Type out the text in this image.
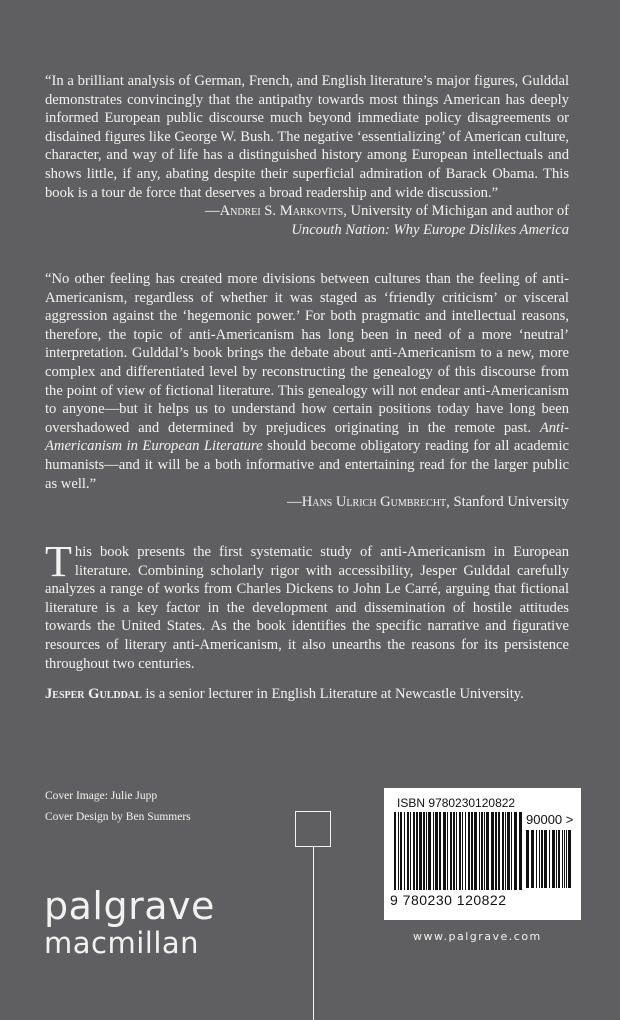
“In a brilliant analysis of German, French, and English literature’s major figures, Gulddal demonstrates convincingly that the antipathy towards most things American has deeply informed European public discourse much beyond immediate policy disagreements or disdained figures like George W. Bush. The negative ‘essentializing’ of American culture, character, and way of life has a distinguished history among European intellectuals and shows little, if any, abating despite their superficial admiration of Barack Obama. This book is a tour de force that deserves a broad readership and wide discussion.”

—Andrei S. Markovits, University of Michigan and author of

Uncouth Nation: Why Europe Dislikes America

“No other feeling has created more divisions between cultures than the feeling of anti-Americanism, regardless of whether it was staged as ‘friendly criticism’ or visceral aggression against the ‘hegemonic power.’ For both pragmatic and intellectual reasons, therefore, the topic of anti-Americanism has long been in need of a more ‘neutral’ interpretation. Gulddal’s book brings the debate about anti-Americanism to a new, more complex and differentiated level by reconstructing the genealogy of this discourse from the point of view of fictional literature. This genealogy will not endear anti-Americanism to anyone—but it helps us to understand how certain positions today have long been overshadowed and determined by prejudices originating in the remote past. Anti-Americanism in European Literature should become obligatory reading for all academic humanists—and it will be a both informative and entertaining read for the larger public as well.”

—Hans Ulrich Gumbrecht, Stanford University

This book presents the first systematic study of anti-Americanism in European literature. Combining scholarly rigor with accessibility, Jesper Gulddal carefully analyzes a range of works from Charles Dickens to John Le Carré, arguing that fictional literature is a key factor in the development and dissemination of hostile attitudes towards the United States. As the book identifies the specific narrative and figurative resources of literary anti-Americanism, it also unearths the reasons for its persistence throughout two centuries.

Jesper Gulddal is a senior lecturer in English Literature at Newcastle University.

Cover Image: Julie Jupp
Cover Design by Ben Summers
palgrave
macmillan
ISBN 9780230120822
90000 >
9 780230 120822
www.palgrave.com
